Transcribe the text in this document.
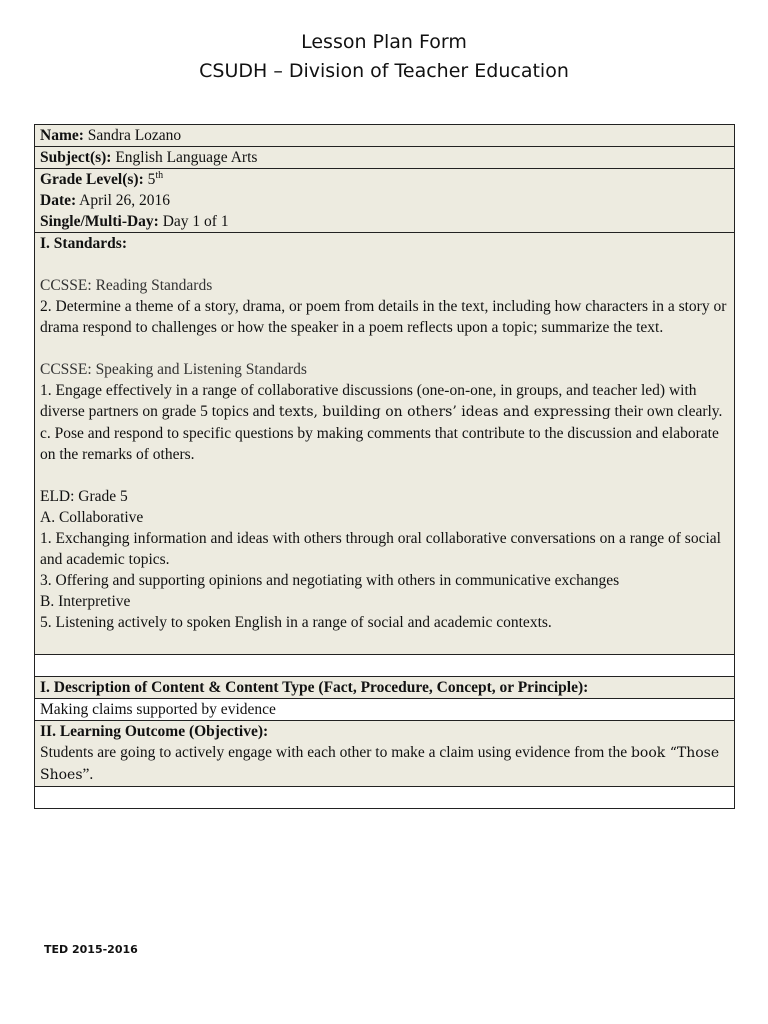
Lesson Plan Form
CSUDH – Division of Teacher Education
Name: Sandra Lozano
Subject(s): English Language Arts
Grade Level(s): 5th
Date: April 26, 2016
Single/Multi-Day: Day 1 of 1
I. Standards:
CCSSE: Reading Standards
2. Determine a theme of a story, drama, or poem from details in the text, including how characters in a story or drama respond to challenges or how the speaker in a poem reflects upon a topic; summarize the text.
CCSSE: Speaking and Listening Standards
1. Engage effectively in a range of collaborative discussions (one-on-one, in groups, and teacher led) with diverse partners on grade 5 topics and texts, building on others’ ideas and expressing their own clearly.
c. Pose and respond to specific questions by making comments that contribute to the discussion and elaborate on the remarks of others.
ELD: Grade 5
A. Collaborative
1. Exchanging information and ideas with others through oral collaborative conversations on a range of social and academic topics.
3. Offering and supporting opinions and negotiating with others in communicative exchanges
B. Interpretive
5. Listening actively to spoken English in a range of social and academic contexts.
I. Description of Content & Content Type (Fact, Procedure, Concept, or Principle):
Making claims supported by evidence
II. Learning Outcome (Objective):
Students are going to actively engage with each other to make a claim using evidence from the book “Those Shoes”.
TED 2015-2016
